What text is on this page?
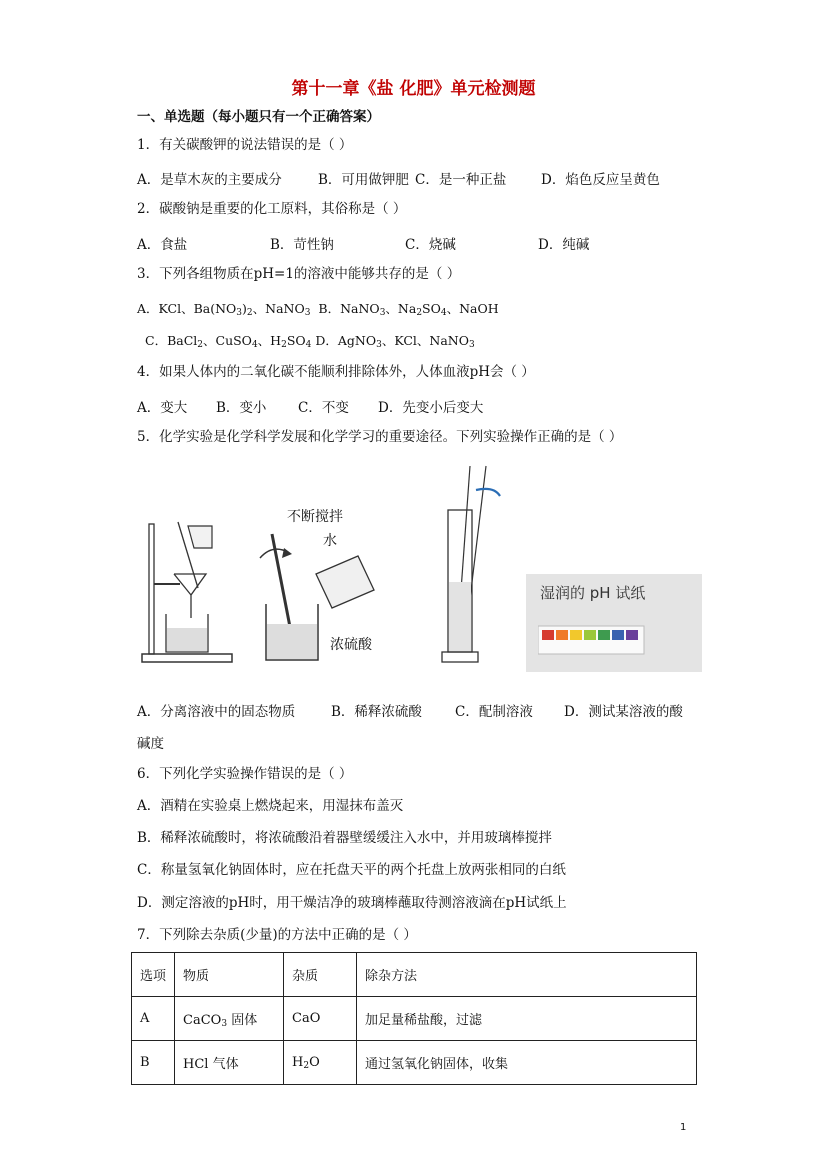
第十一章《盐 化肥》单元检测题
一、单选题（每小题只有一个正确答案）
1．有关碳酸钾的说法错误的是（ ）
A．是草木灰的主要成分	B．可用做钾肥 C．是一种正盐	D．焰色反应呈黄色
2．碳酸钠是重要的化工原料，其俗称是（ ）
A．食盐	B．苛性钠	C．烧碱	D．纯碱
3．下列各组物质在pH=1的溶液中能够共存的是（ ）
A．KCl、$Ba(NO_3)_2$、NaNO$_3$  B．NaNO$_3$、$Na_2SO_4$、NaOH
C．BaCl$_2$、CuSO$_4$、$H_2SO_4$ D．AgNO$_3$、KCl、NaNO$_3$
4．如果人体内的二氧化碳不能顺利排除体外，人体血液pH会（ ）
A．变大 B．变小 C．不变 D．先变小后变大
5．化学实验是化学科学发展和化学学习的重要途径。下列实验操作正确的是（ ）
不断搅拌
水
浓硫酸
湿润的 pH 试纸
A．分离溶液中的固态物质	B．稀释浓硫酸 C．配制溶液 D．测试某溶液的酸
碱度
6．下列化学实验操作错误的是（ ）
A．酒精在实验桌上燃烧起来，用湿抹布盖灭
B．稀释浓硫酸时，将浓硫酸沿着器壁缓缓注入水中，并用玻璃棒搅拌
C．称量氢氧化钠固体时，应在托盘天平的两个托盘上放两张相同的白纸
D．测定溶液的pH时，用干燥洁净的玻璃棒蘸取待测溶液滴在pH试纸上
7．下列除去杂质(少量)的方法中正确的是（ ）
选项	物质	杂质	除杂方法
A	CaCO$_3$ 固体	CaO	加足量稀盐酸，过滤
B	HCl 气体	$H_2O$	通过氢氧化钠固体，收集
1
